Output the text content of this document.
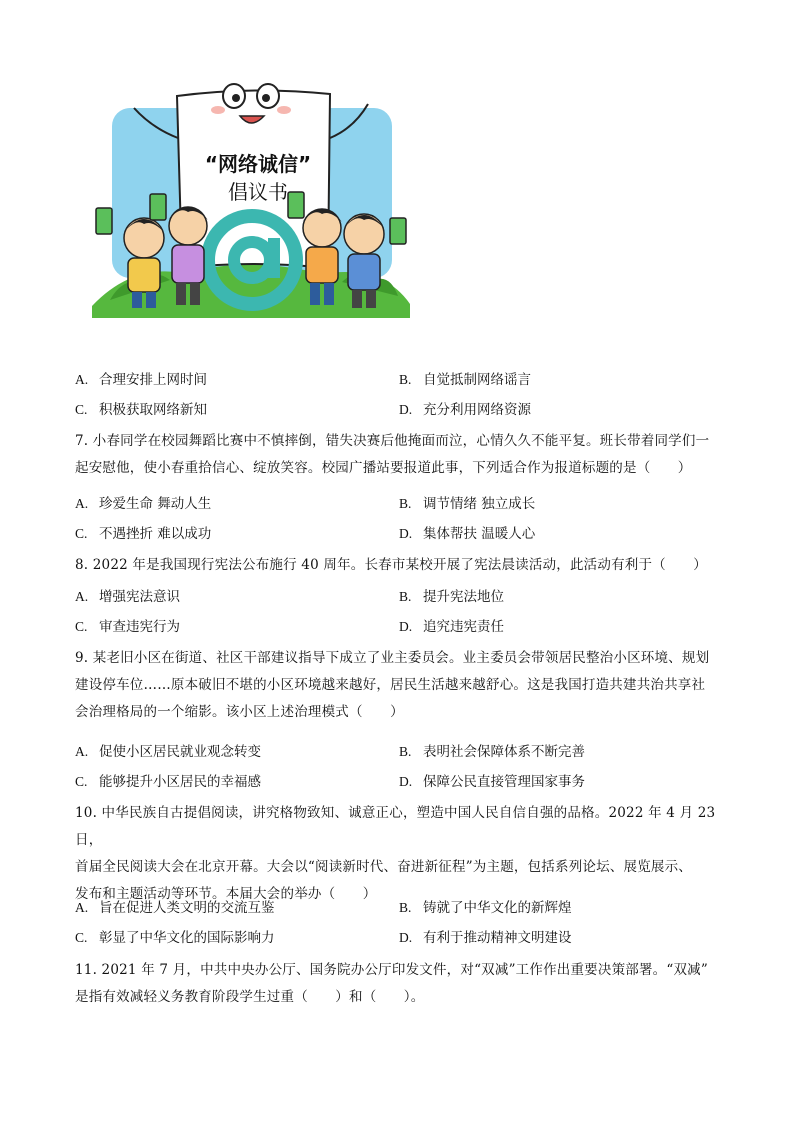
“网络诚信”
倡议书
A. 合理安排上网时间	B. 自觉抵制网络谣言
C. 积极获取网络新知	D. 充分利用网络资源
7. 小春同学在校园舞蹈比赛中不慎摔倒，错失决赛后他掩面而泣，心情久久不能平复。班长带着同学们一
起安慰他，使小春重拾信心、绽放笑容。校园广播站要报道此事，下列适合作为报道标题的是（　　）
A. 珍爱生命 舞动人生	B. 调节情绪 独立成长
C. 不遇挫折 难以成功	D. 集体帮扶 温暖人心
8. 2022 年是我国现行宪法公布施行 40 周年。长春市某校开展了宪法晨读活动，此活动有利于（　　）
A. 增强宪法意识	B. 提升宪法地位
C. 审查违宪行为	D. 追究违宪责任
9. 某老旧小区在街道、社区干部建议指导下成立了业主委员会。业主委员会带领居民整治小区环境、规划
建设停车位……原本破旧不堪的小区环境越来越好，居民生活越来越舒心。这是我国打造共建共治共享社
会治理格局的一个缩影。该小区上述治理模式（　　）
A. 促使小区居民就业观念转变	B. 表明社会保障体系不断完善
C. 能够提升小区居民的幸福感	D. 保障公民直接管理国家事务
10. 中华民族自古提倡阅读，讲究格物致知、诚意正心，塑造中国人民自信自强的品格。2022 年 4 月 23 日，
首届全民阅读大会在北京开幕。大会以“阅读新时代、奋进新征程”为主题，包括系列论坛、展览展示、
发布和主题活动等环节。本届大会的举办（　　）
A. 旨在促进人类文明的交流互鉴	B. 铸就了中华文化的新辉煌
C. 彰显了中华文化的国际影响力	D. 有利于推动精神文明建设
11. 2021 年 7 月，中共中央办公厅、国务院办公厅印发文件，对“双减”工作作出重要决策部署。“双减”
是指有效减轻义务教育阶段学生过重（　　）和（　　）。
